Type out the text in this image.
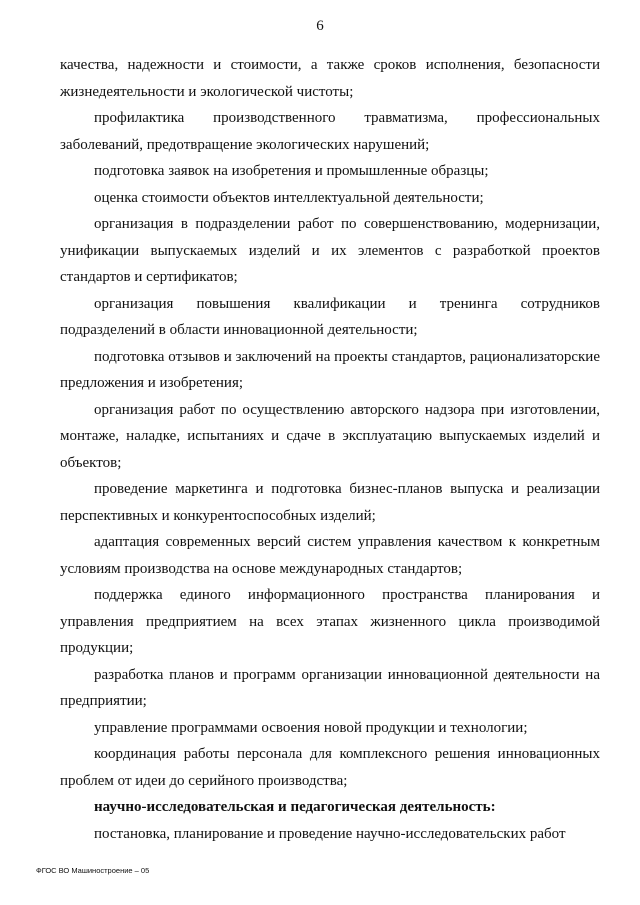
6

качества, надежности и стоимости, а также сроков исполнения, безопасности жизнедеятельности и экологической чистоты;

профилактика производственного травматизма, профессиональных заболеваний, предотвращение экологических нарушений;

подготовка заявок на изобретения и промышленные образцы;

оценка стоимости объектов интеллектуальной деятельности;

организация в подразделении работ по совершенствованию, модернизации, унификации выпускаемых изделий и их элементов с разработкой проектов стандартов и сертификатов;

организация повышения квалификации и тренинга сотрудников подразделений в области инновационной деятельности;

подготовка отзывов и заключений на проекты стандартов, рационализаторские предложения и изобретения;

организация работ по осуществлению авторского надзора при изготовлении, монтаже, наладке, испытаниях и сдаче в эксплуатацию выпускаемых изделий и объектов;

проведение маркетинга и подготовка бизнес-планов выпуска и реализации перспективных и конкурентоспособных изделий;

адаптация современных версий систем управления качеством к конкретным условиям производства на основе международных стандартов;

поддержка единого информационного пространства планирования и управления предприятием на всех этапах жизненного цикла производимой продукции;

разработка планов и программ организации инновационной деятельности на предприятии;

управление программами освоения новой продукции и технологии;

координация работы персонала для комплексного решения инновационных проблем от идеи до серийного производства;

научно-исследовательская и педагогическая деятельность:

постановка, планирование и проведение научно-исследовательских работ

ФГОС ВО Машиностроение – 05
